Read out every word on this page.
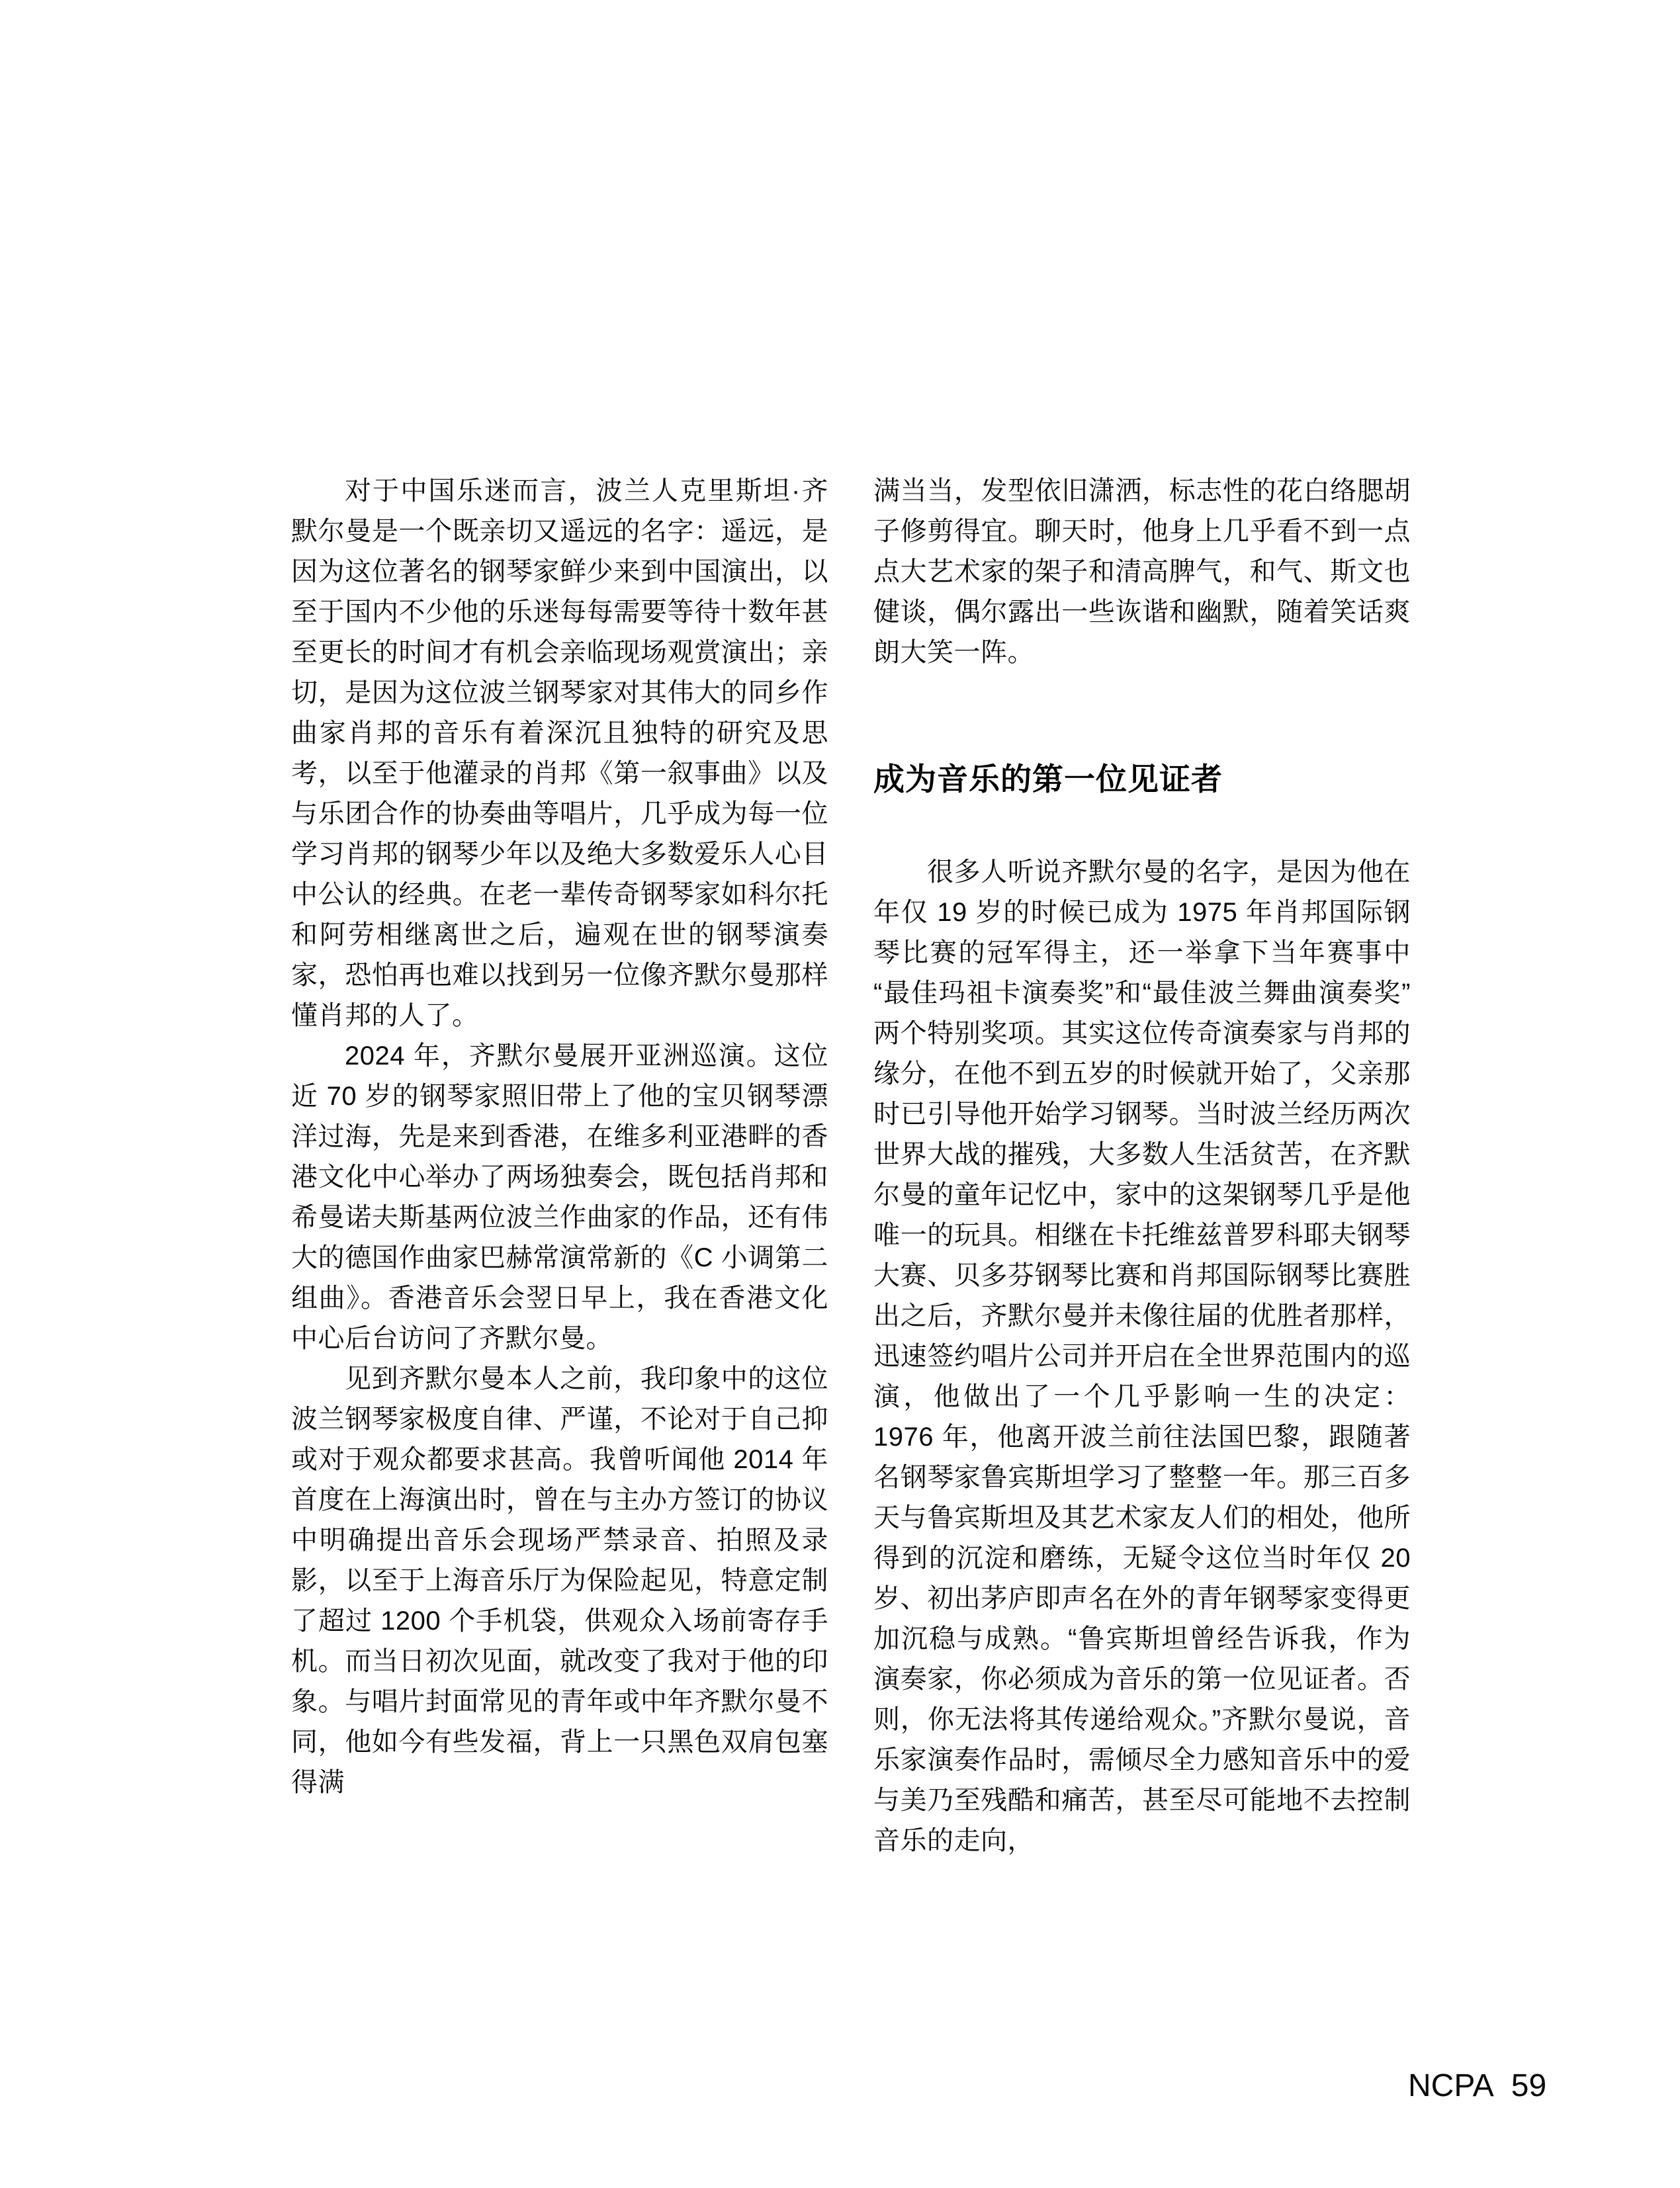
对于中国乐迷而言，波兰人克里斯坦·齐默尔曼是一个既亲切又遥远的名字：遥远，是因为这位著名的钢琴家鲜少来到中国演出，以至于国内不少他的乐迷每每需要等待十数年甚至更长的时间才有机会亲临现场观赏演出；亲切，是因为这位波兰钢琴家对其伟大的同乡作曲家肖邦的音乐有着深沉且独特的研究及思考，以至于他灌录的肖邦《第一叙事曲》以及与乐团合作的协奏曲等唱片，几乎成为每一位学习肖邦的钢琴少年以及绝大多数爱乐人心目中公认的经典。在老一辈传奇钢琴家如科尔托和阿劳相继离世之后，遍观在世的钢琴演奏家，恐怕再也难以找到另一位像齐默尔曼那样懂肖邦的人了。

2024 年，齐默尔曼展开亚洲巡演。这位近 70 岁的钢琴家照旧带上了他的宝贝钢琴漂洋过海，先是来到香港，在维多利亚港畔的香港文化中心举办了两场独奏会，既包括肖邦和希曼诺夫斯基两位波兰作曲家的作品，还有伟大的德国作曲家巴赫常演常新的《C 小调第二组曲》。香港音乐会翌日早上，我在香港文化中心后台访问了齐默尔曼。

见到齐默尔曼本人之前，我印象中的这位波兰钢琴家极度自律、严谨，不论对于自己抑或对于观众都要求甚高。我曾听闻他 2014 年首度在上海演出时，曾在与主办方签订的协议中明确提出音乐会现场严禁录音、拍照及录影，以至于上海音乐厅为保险起见，特意定制了超过 1200 个手机袋，供观众入场前寄存手机。而当日初次见面，就改变了我对于他的印象。与唱片封面常见的青年或中年齐默尔曼不同，他如今有些发福，背上一只黑色双肩包塞得满

满当当，发型依旧潇洒，标志性的花白络腮胡子修剪得宜。聊天时，他身上几乎看不到一点点大艺术家的架子和清高脾气，和气、斯文也健谈，偶尔露出一些诙谐和幽默，随着笑话爽朗大笑一阵。

成为音乐的第一位见证者

很多人听说齐默尔曼的名字，是因为他在年仅 19 岁的时候已成为 1975 年肖邦国际钢琴比赛的冠军得主，还一举拿下当年赛事中“最佳玛祖卡演奏奖”和“最佳波兰舞曲演奏奖”两个特别奖项。其实这位传奇演奏家与肖邦的缘分，在他不到五岁的时候就开始了，父亲那时已引导他开始学习钢琴。当时波兰经历两次世界大战的摧残，大多数人生活贫苦，在齐默尔曼的童年记忆中，家中的这架钢琴几乎是他唯一的玩具。相继在卡托维兹普罗科耶夫钢琴大赛、贝多芬钢琴比赛和肖邦国际钢琴比赛胜出之后，齐默尔曼并未像往届的优胜者那样，迅速签约唱片公司并开启在全世界范围内的巡演，他做出了一个几乎影响一生的决定：1976 年，他离开波兰前往法国巴黎，跟随著名钢琴家鲁宾斯坦学习了整整一年。那三百多天与鲁宾斯坦及其艺术家友人们的相处，他所得到的沉淀和磨练，无疑令这位当时年仅 20 岁、初出茅庐即声名在外的青年钢琴家变得更加沉稳与成熟。“鲁宾斯坦曾经告诉我，作为演奏家，你必须成为音乐的第一位见证者。否则，你无法将其传递给观众。”齐默尔曼说，音乐家演奏作品时，需倾尽全力感知音乐中的爱与美乃至残酷和痛苦，甚至尽可能地不去控制音乐的走向，

NCPA 59
